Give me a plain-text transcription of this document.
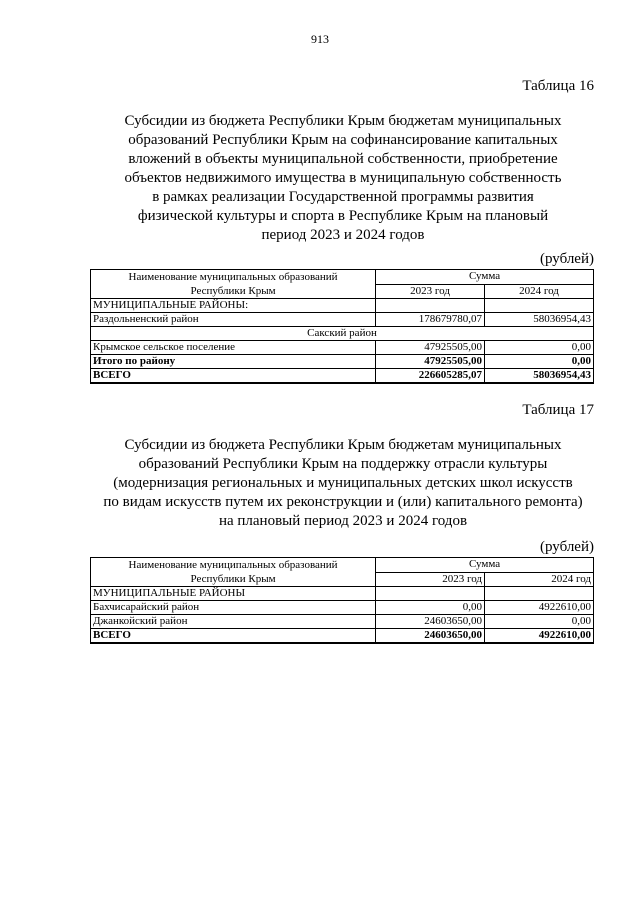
913
Таблица 16
Субсидии из бюджета Республики Крым бюджетам муниципальных
образований Республики Крым на софинансирование капитальных
вложений в объекты муниципальной собственности, приобретение
объектов недвижимого имущества в муниципальную собственность
в рамках реализации Государственной программы развития
физической культуры и спорта в Республике Крым на плановый
период 2023 и 2024 годов
(рублей)
Наименование муниципальных образований
Республики Крым	Сумма	
	2023 год	2024 год
МУНИЦИПАЛЬНЫЕ РАЙОНЫ:		
Раздольненский район	178679780,07	58036954,43
Сакский район		
Крымское сельское поселение	47925505,00	0,00
Итого по району	47925505,00	0,00
ВСЕГО	226605285,07	58036954,43
Таблица 17
Субсидии из бюджета Республики Крым бюджетам муниципальных
образований Республики Крым на поддержку отрасли культуры
(модернизация региональных и муниципальных детских школ искусств
по видам искусств путем их реконструкции и (или) капитального ремонта)
на плановый период 2023 и 2024 годов
(рублей)
Наименование муниципальных образований
Республики Крым	Сумма	
	2023 год	2024 год
МУНИЦИПАЛЬНЫЕ РАЙОНЫ		
Бахчисарайский район	0,00	4922610,00
Джанкойский район	24603650,00	0,00
ВСЕГО	24603650,00	4922610,00
